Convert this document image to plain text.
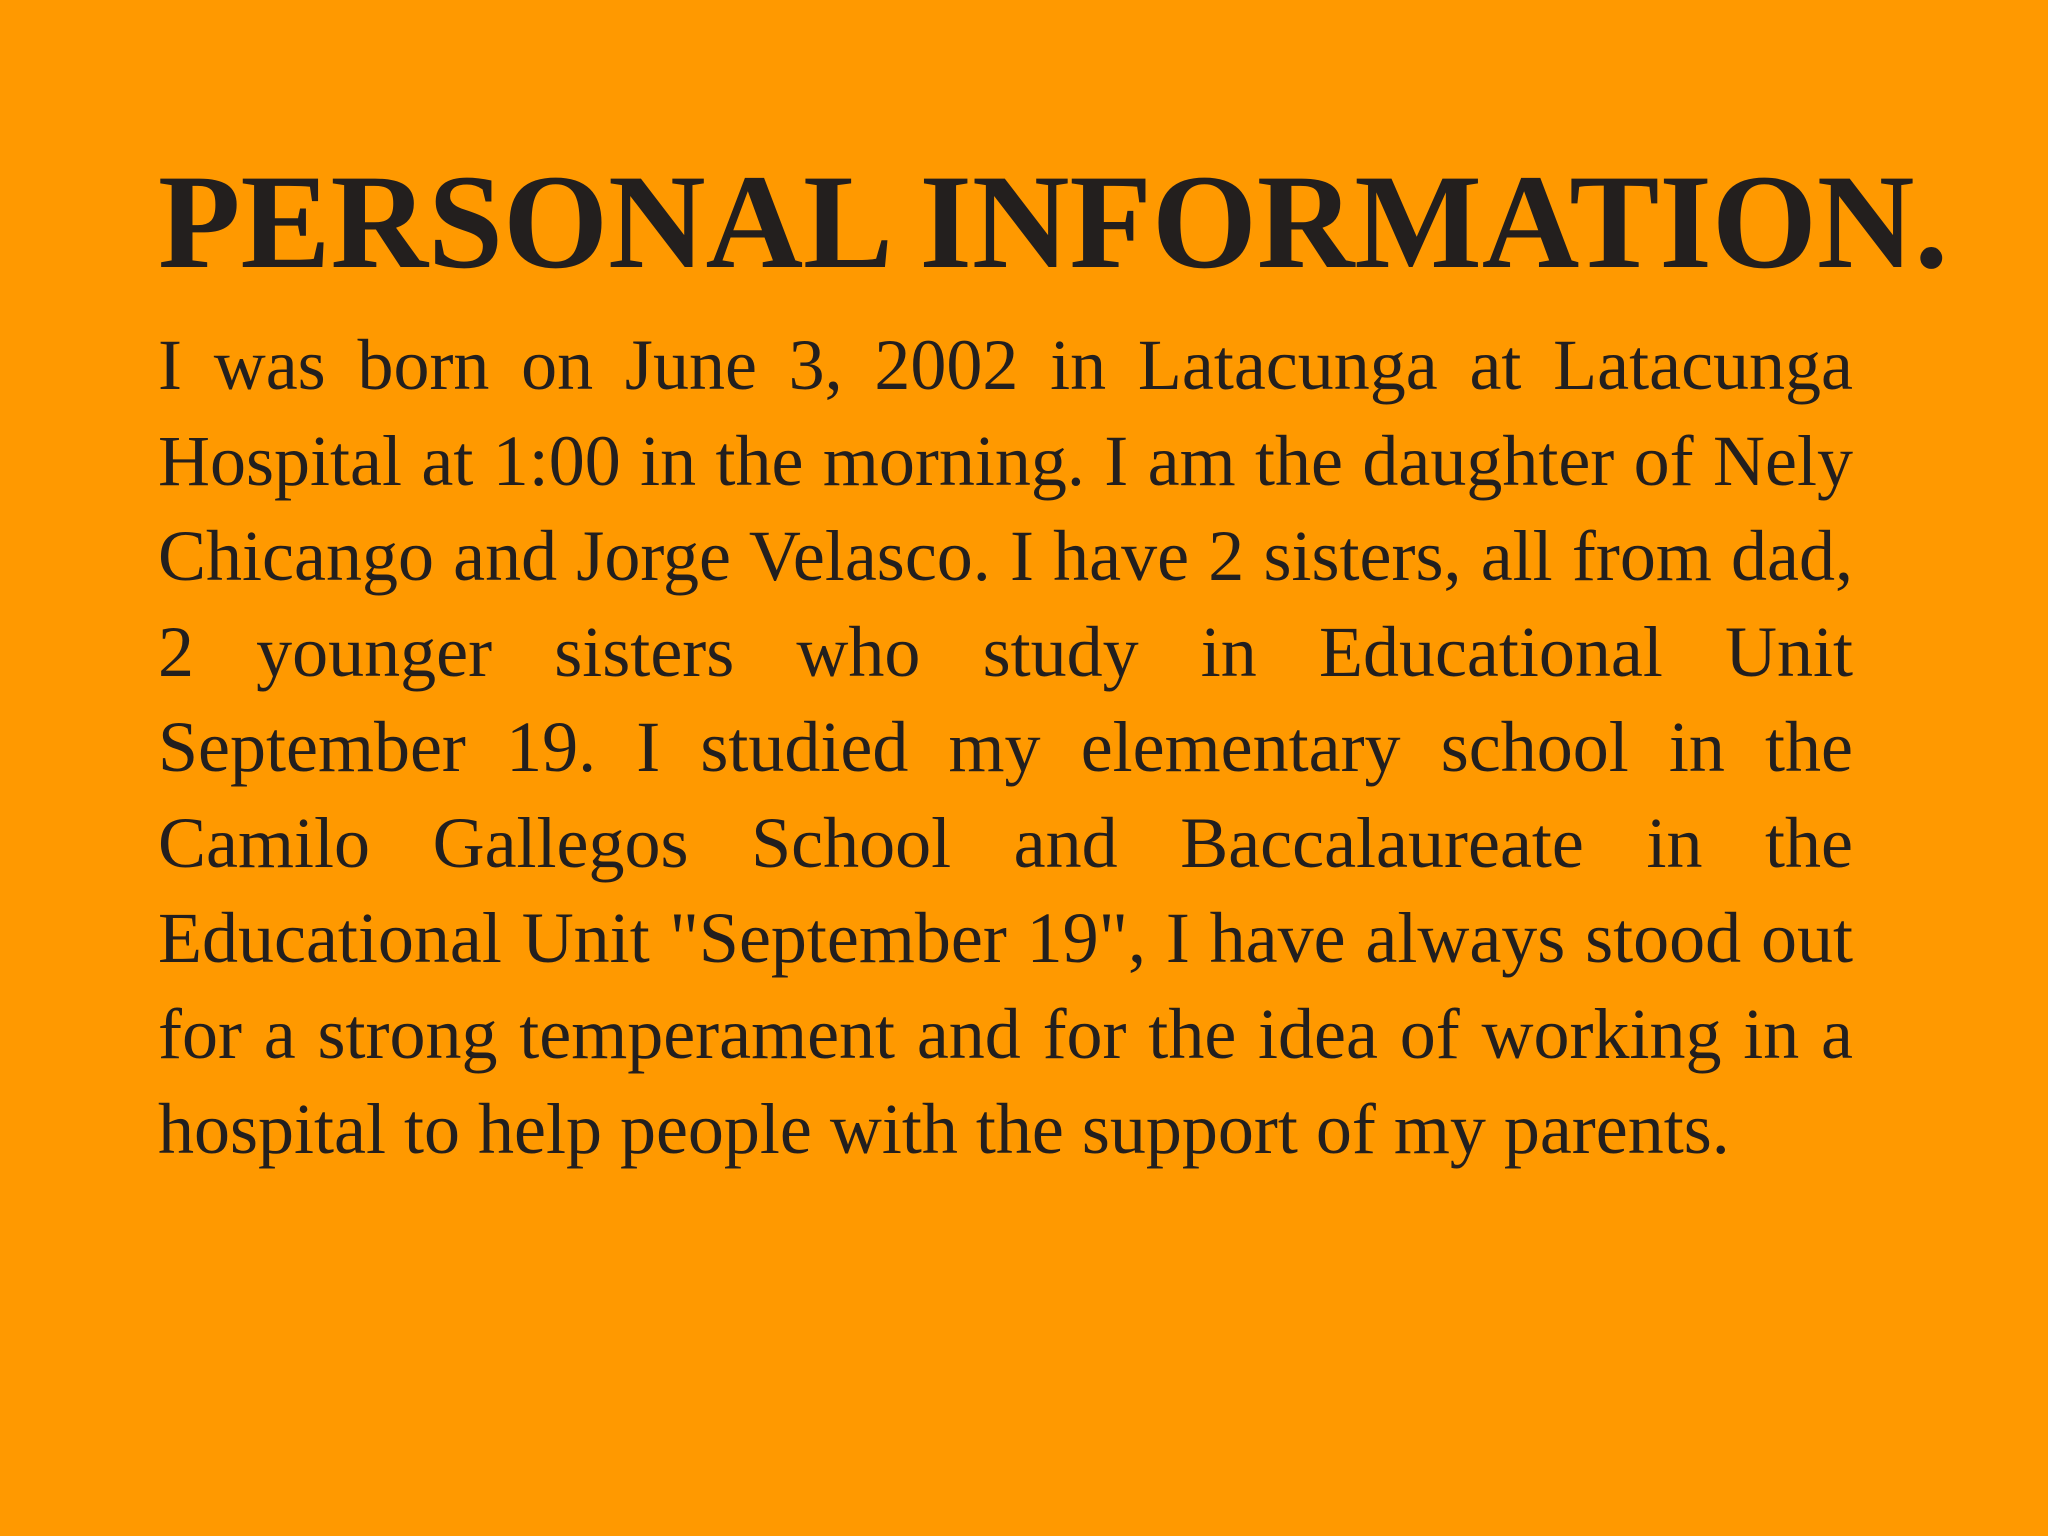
PERSONAL INFORMATION.

I was born on June 3, 2002 in Latacunga at Latacunga Hospital at 1:00 in the morning. I am the daughter of Nely Chicango and Jorge Velasco. I have 2 sisters, all from dad, 2 younger sisters who study in Educational Unit September 19. I studied my elementary school in the Camilo Gallegos School and Baccalaureate in the Educational Unit "September 19", I have always stood out for a strong temperament and for the idea of working in a hospital to help people with the support of my parents.
